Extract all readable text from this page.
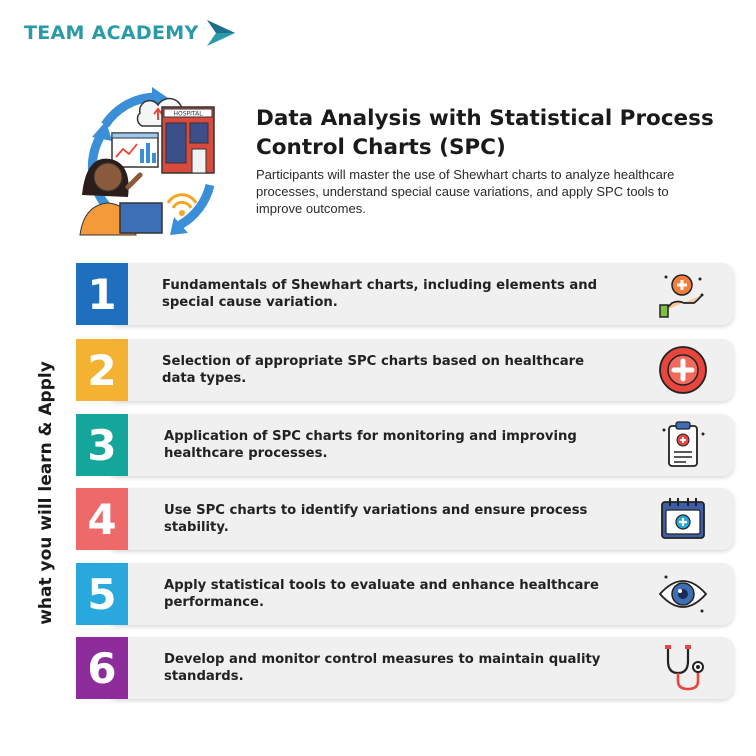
TEAM ACADEMY
HOSPITAL Data Analysis with Statistical Process Control Charts (SPC)

Participants will master the use of Shewhart charts to analyze healthcare processes, understand special cause variations, and apply SPC tools to improve outcomes.

what you will learn & Apply
1	Fundamentals of Shewhart charts, including elements and special cause variation.
2	Selection of appropriate SPC charts based on healthcare data types.
3	Application of SPC charts for monitoring and improving healthcare processes.
4	Use SPC charts to identify variations and ensure process stability.
5	Apply statistical tools to evaluate and enhance healthcare performance.
6	Develop and monitor control measures to maintain quality standards.
